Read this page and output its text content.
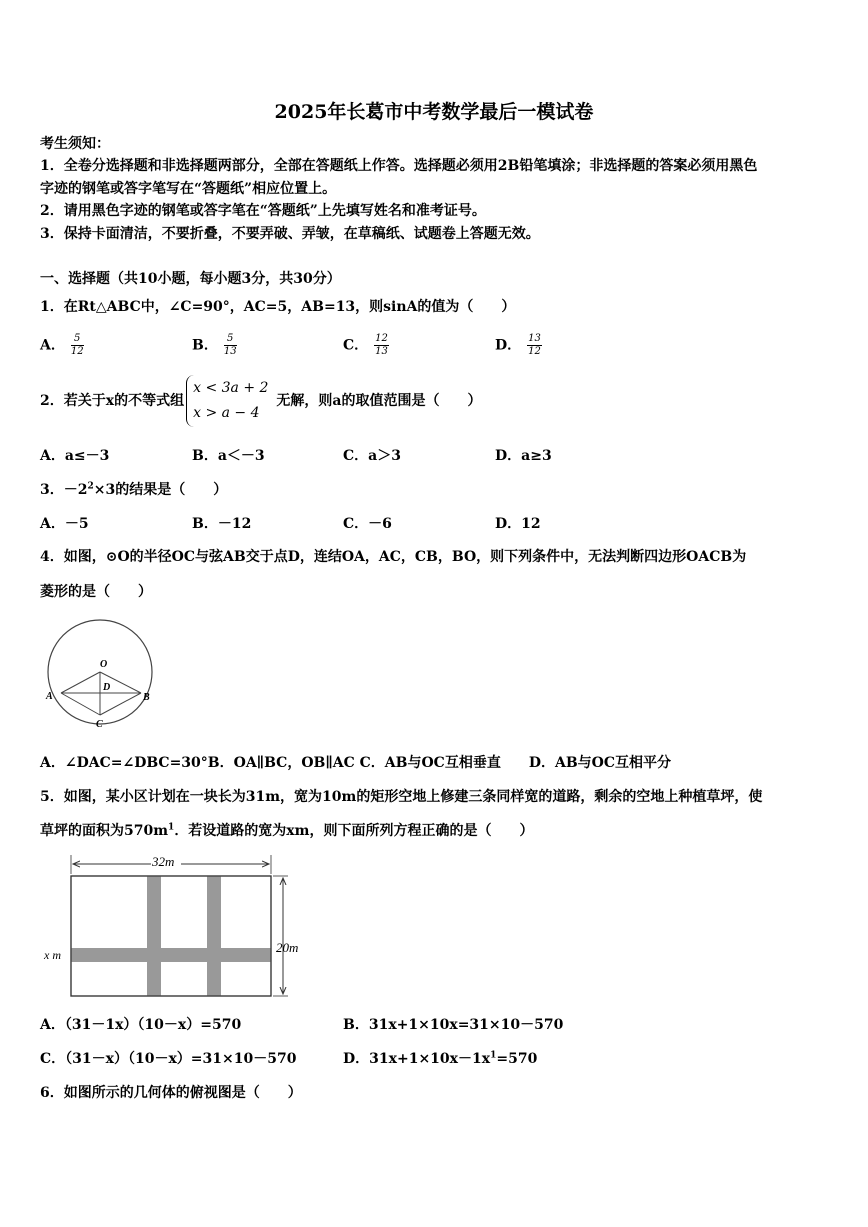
2025年长葛市中考数学最后一模试卷
考生须知：
1．全卷分选择题和非选择题两部分，全部在答题纸上作答。选择题必须用2B铅笔填涂；非选择题的答案必须用黑色
字迹的钢笔或答字笔写在“答题纸”相应位置上。
2．请用黑色字迹的钢笔或答字笔在“答题纸”上先填写姓名和准考证号。
3．保持卡面清洁，不要折叠，不要弄破、弄皱，在草稿纸、试题卷上答题无效。
一、选择题（共10小题，每小题3分，共30分）
1．在Rt△ABC中，∠C=90°，AC=5，AB=13，则sinA的值为（　　）
A． $\frac{5}{12}$	B． $\frac{5}{13}$	C． $\frac{12}{13}$	D． $\frac{13}{12}$
2．若关于x的不等式组
x < 3a + 2
x > a − 4
无解，则a的取值范围是（　　）
A．a≤－3	B．a＜－3	C．a＞3	D．a≥3
3．$-2^2\times 3$的结果是（　　）
A．－5	B．－12	C．－6	D．12
4．如图，⊙O的半径OC与弦AB交于点D，连结OA，AC，CB，BO，则下列条件中，无法判断四边形OACB为
菱形的是（　　）
O
D
A	B
C
A．∠DAC=∠DBC=30°B．OA∥BC，OB∥AC C．AB与OC互相垂直　　D．AB与OC互相平分
5．如图，某小区计划在一块长为31m，宽为10m的矩形空地上修建三条同样宽的道路，剩余的空地上种植草坪，使
草坪的面积为$570m^1$．若设道路的宽为xm，则下面所列方程正确的是（　　）
32m
20m
x m
A．（31－1x）（10－x）=570	B．31x+1×10x=31×10－570
C．（31－x）（10－x）=31×10－570	D．$31x+1\times 10x-1x^1=570$
6．如图所示的几何体的俯视图是（　　）
